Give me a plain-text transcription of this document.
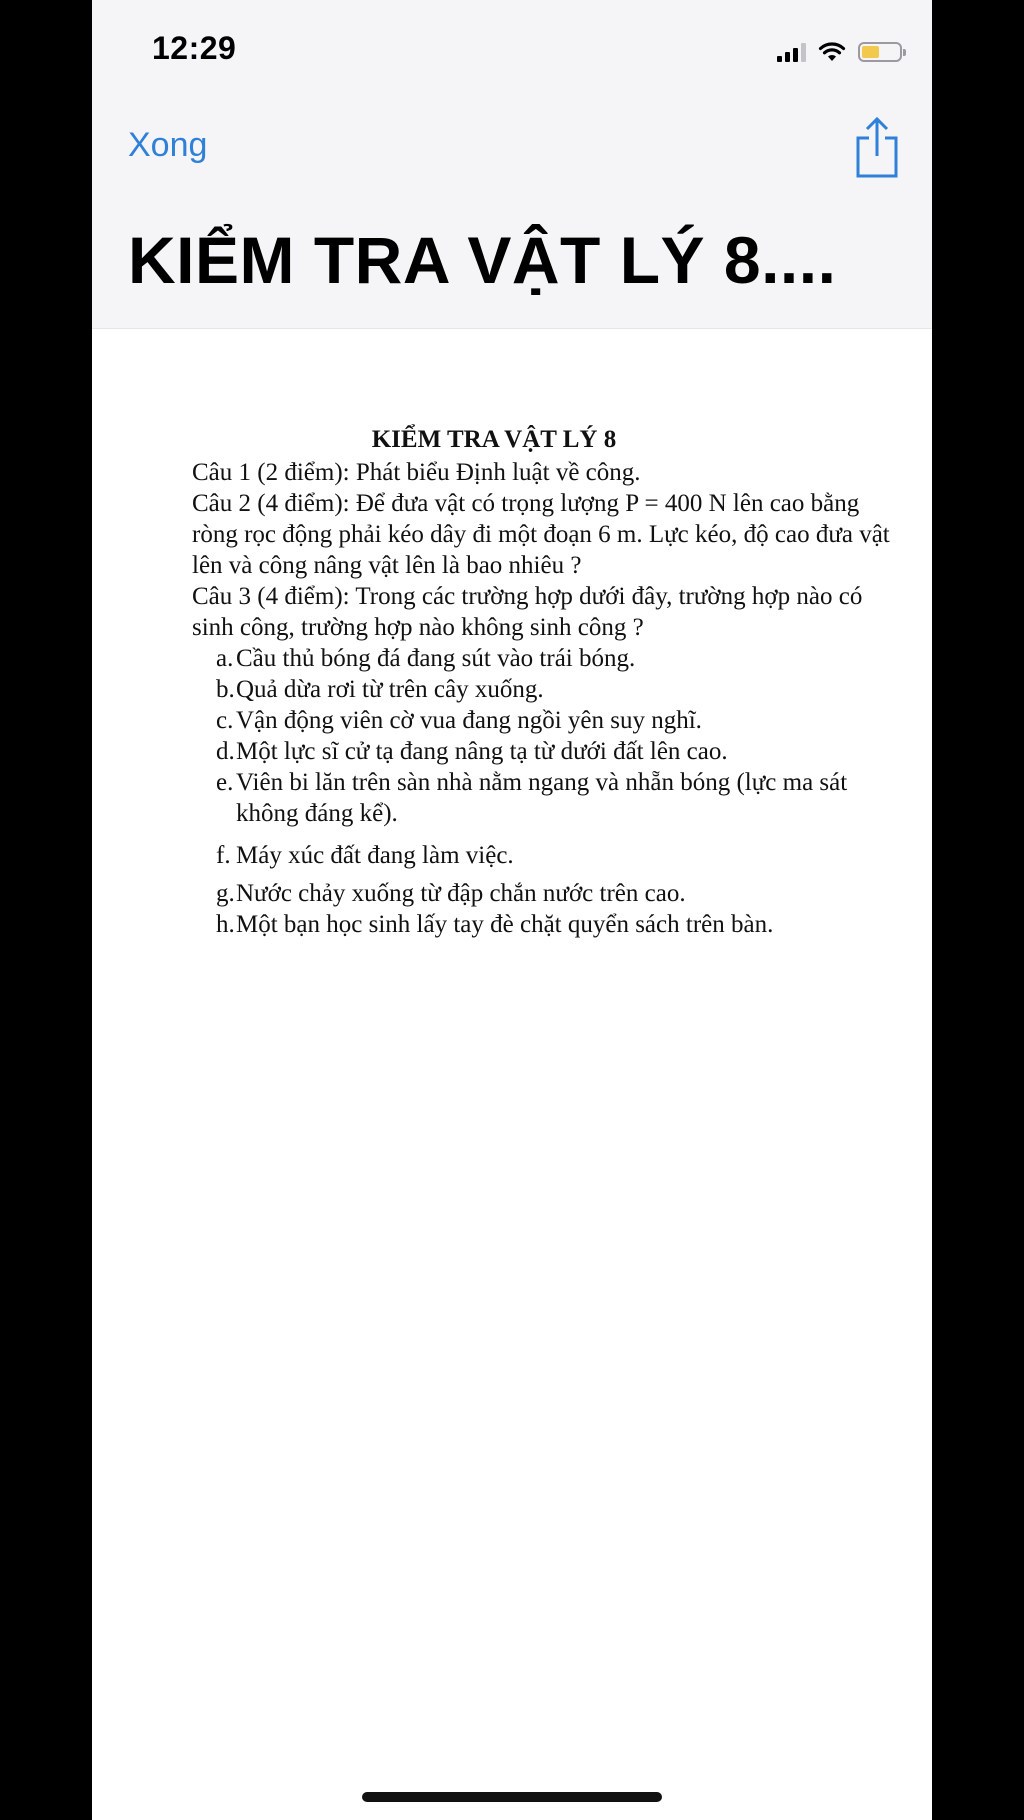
12:29
Xong
KIỂM TRA VẬT LÝ 8....
KIỂM TRA VẬT LÝ 8

Câu 1 (2 điểm): Phát biểu Định luật về công.

Câu 2 (4 điểm): Để đưa vật có trọng lượng P = 400 N lên cao bằng ròng rọc động phải kéo dây đi một đoạn 6 m. Lực kéo, độ cao đưa vật lên và công nâng vật lên là bao nhiêu ?

Câu 3 (4 điểm): Trong các trường hợp dưới đây, trường hợp nào có sinh công, trường hợp nào không sinh công ?

a. Cầu thủ bóng đá đang sút vào trái bóng.
b. Quả dừa rơi từ trên cây xuống.
c. Vận động viên cờ vua đang ngồi yên suy nghĩ.
d. Một lực sĩ cử tạ đang nâng tạ từ dưới đất lên cao.
e. Viên bi lăn trên sàn nhà nằm ngang và nhẵn bóng (lực ma sát không đáng kể).
f. Máy xúc đất đang làm việc.
g. Nước chảy xuống từ đập chắn nước trên cao.
h. Một bạn học sinh lấy tay đè chặt quyển sách trên bàn.
